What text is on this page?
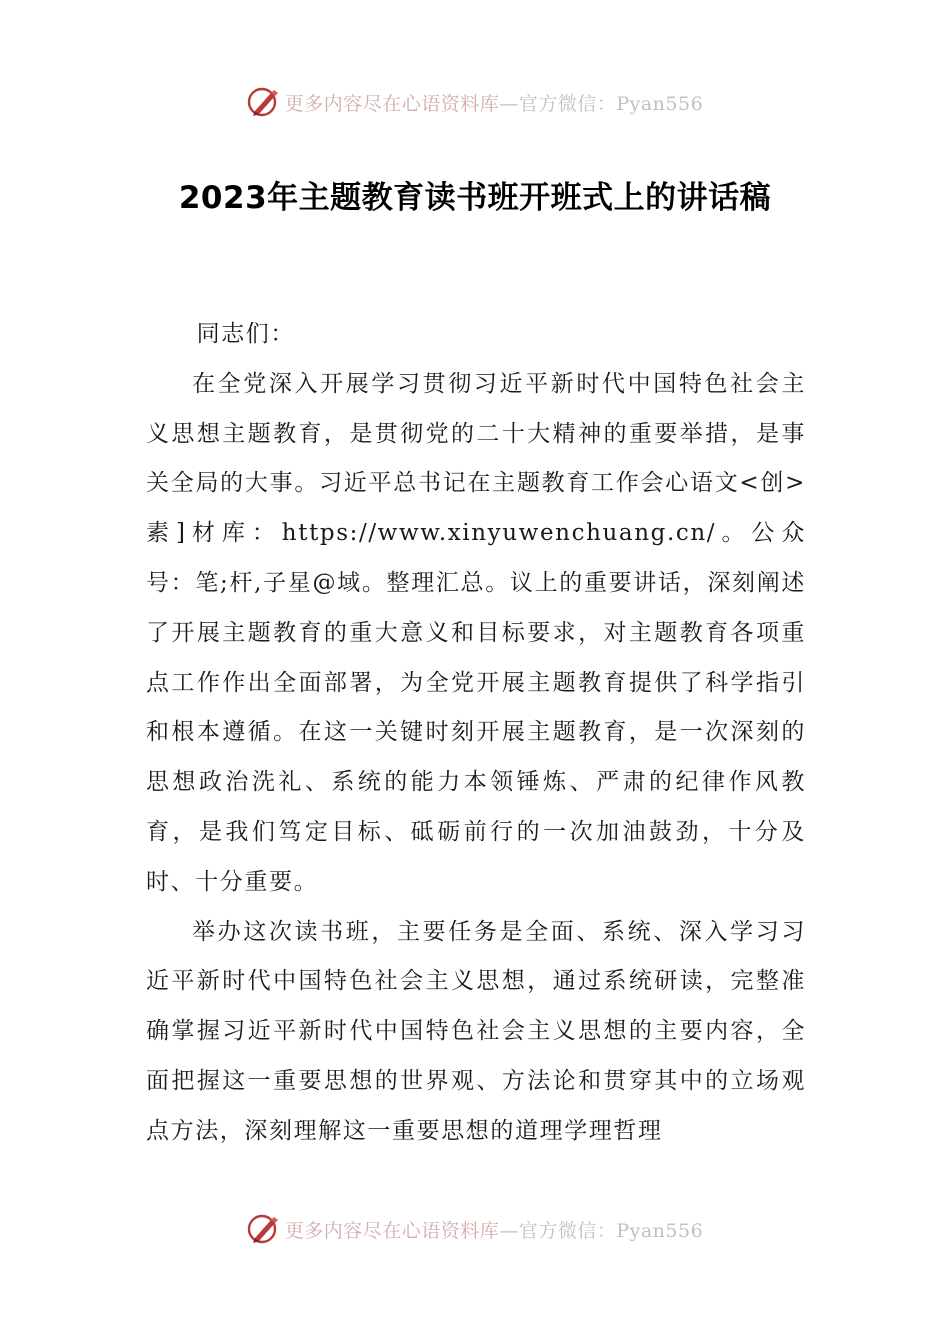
更多内容尽在心语资料库—官方微信：Pyan556
2023年主题教育读书班开班式上的讲话稿

同志们：

在全党深入开展学习贯彻习近平新时代中国特色社会主义思想主题教育，是贯彻党的二十大精神的重要举措，是事关全局的大事。习近平总书记在主题教育工作会心语文<创>素]材库：https://www.xinyuwenchuang.cn/。公众号：笔;杆,子星@域。整理汇总。议上的重要讲话，深刻阐述了开展主题教育的重大意义和目标要求，对主题教育各项重点工作作出全面部署，为全党开展主题教育提供了科学指引和根本遵循。在这一关键时刻开展主题教育，是一次深刻的思想政治洗礼、系统的能力本领锤炼、严肃的纪律作风教育，是我们笃定目标、砥砺前行的一次加油鼓劲，十分及时、十分重要。

举办这次读书班，主要任务是全面、系统、深入学习习近平新时代中国特色社会主义思想，通过系统研读，完整准确掌握习近平新时代中国特色社会主义思想的主要内容，全面把握这一重要思想的世界观、方法论和贯穿其中的立场观点方法，深刻理解这一重要思想的道理学理哲理

更多内容尽在心语资料库—官方微信：Pyan556
